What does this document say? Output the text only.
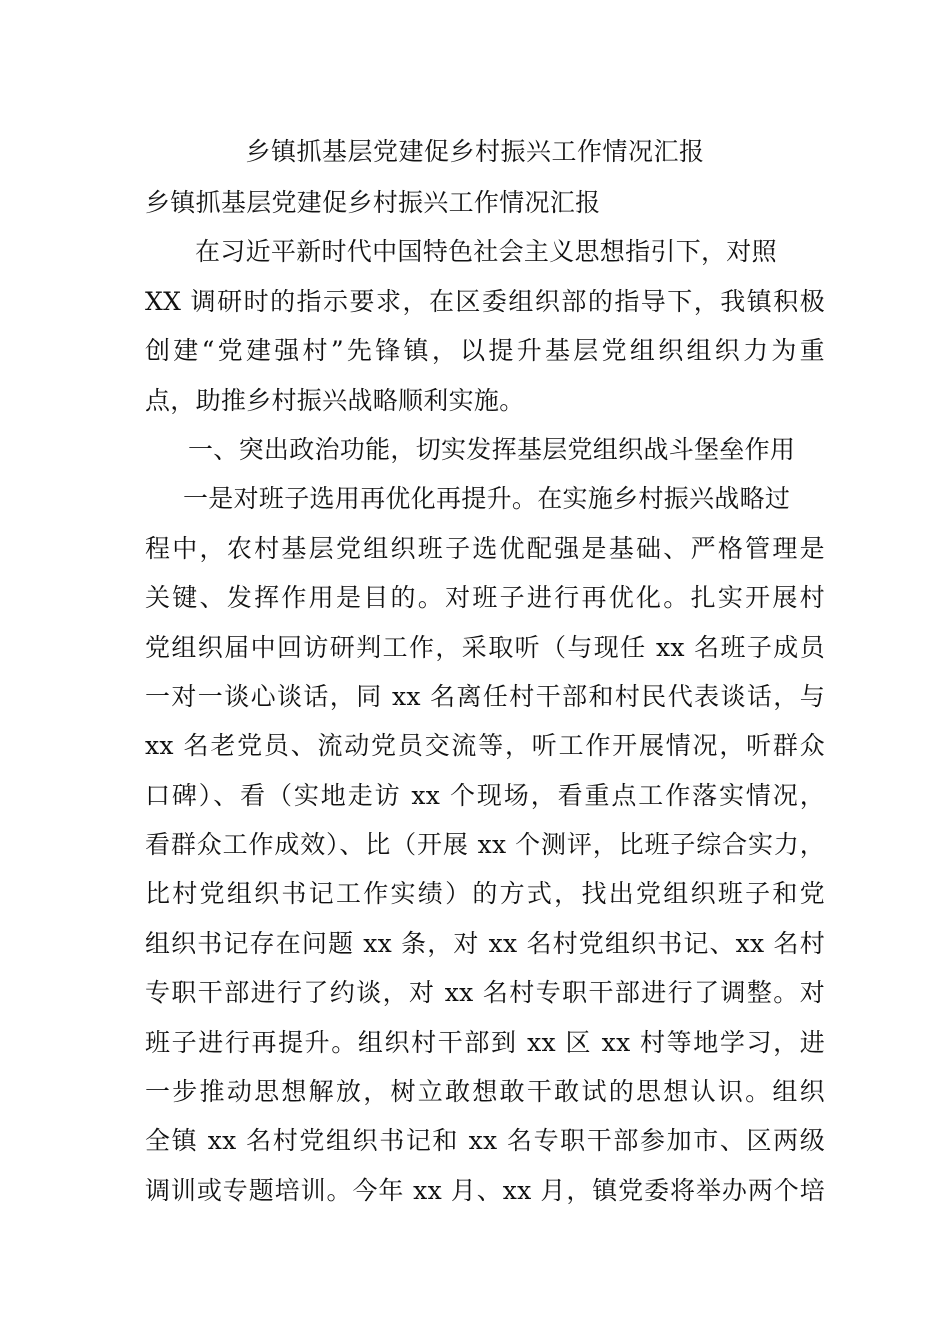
乡镇抓基层党建促乡村振兴工作情况汇报
乡镇抓基层党建促乡村振兴工作情况汇报
在习近平新时代中国特色社会主义思想指引下，对照
XX 调研时的指示要求，在区委组织部的指导下，我镇积极
创建“党建强村”先锋镇，以提升基层党组织组织力为重
点，助推乡村振兴战略顺利实施。
一、突出政治功能，切实发挥基层党组织战斗堡垒作用
一是对班子选用再优化再提升。在实施乡村振兴战略过
程中，农村基层党组织班子选优配强是基础、严格管理是
关键、发挥作用是目的。对班子进行再优化。扎实开展村
党组织届中回访研判工作，采取听（与现任 xx 名班子成员
一对一谈心谈话，同 xx 名离任村干部和村民代表谈话，与
xx 名老党员、流动党员交流等，听工作开展情况，听群众
口碑）、看（实地走访 xx 个现场，看重点工作落实情况，
看群众工作成效）、比（开展 xx 个测评，比班子综合实力，
比村党组织书记工作实绩）的方式，找出党组织班子和党
组织书记存在问题 xx 条，对 xx 名村党组织书记、xx 名村
专职干部进行了约谈，对 xx 名村专职干部进行了调整。对
班子进行再提升。组织村干部到 xx 区 xx 村等地学习，进
一步推动思想解放，树立敢想敢干敢试的思想认识。组织
全镇 xx 名村党组织书记和 xx 名专职干部参加市、区两级
调训或专题培训。今年 xx 月、xx 月，镇党委将举办两个培
